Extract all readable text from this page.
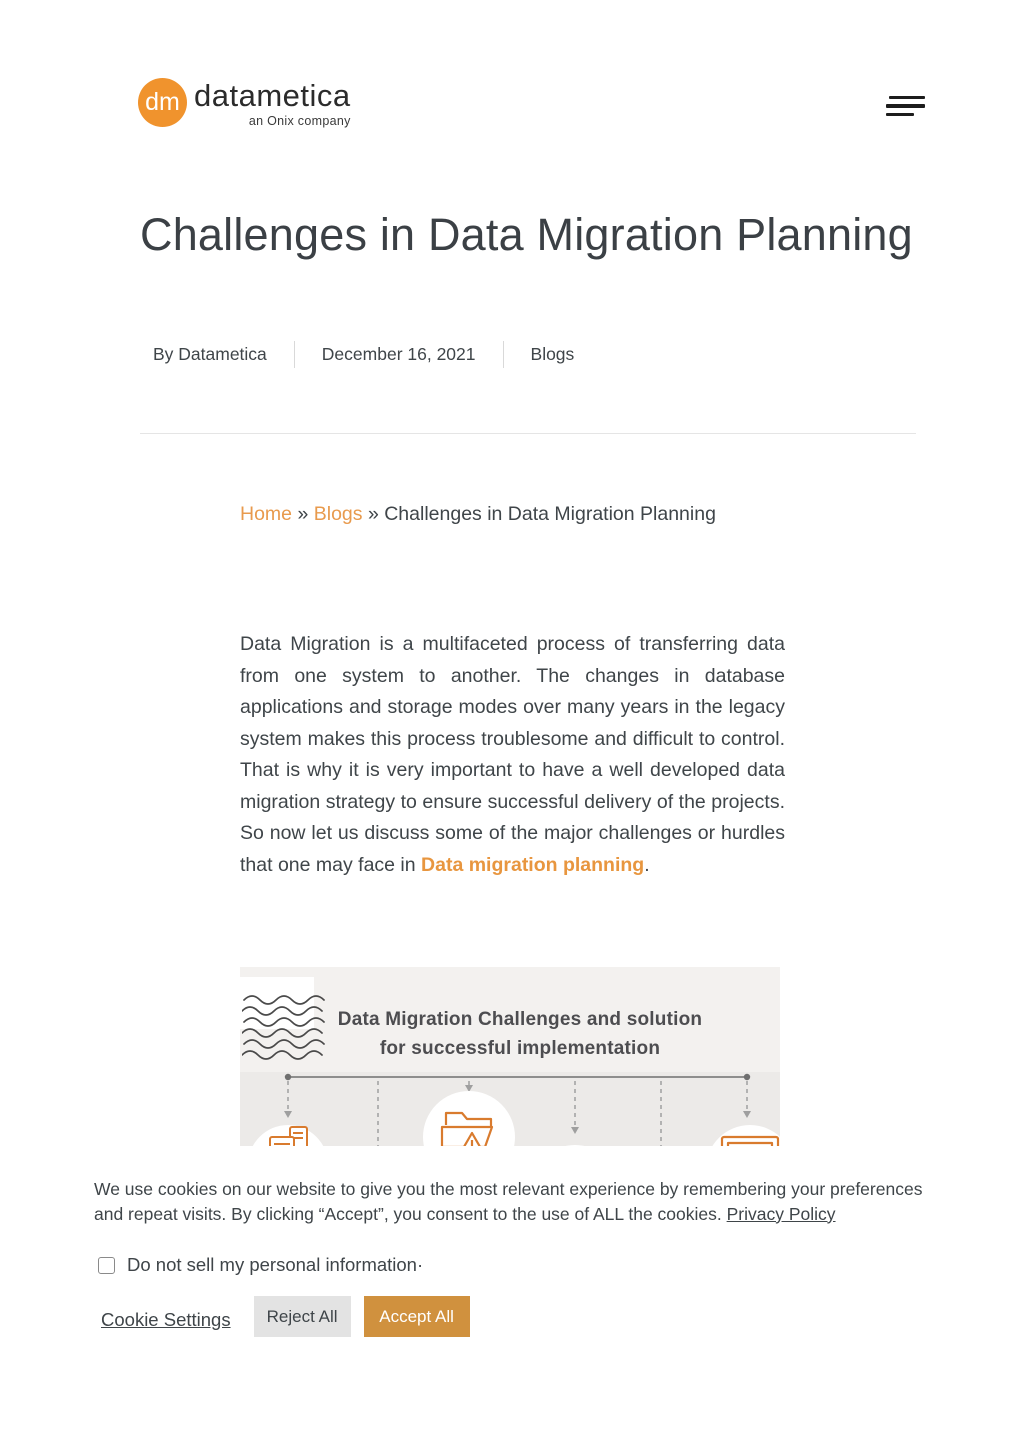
dm datametica
an Onix company
Challenges in Data Migration Planning
By Datametica	December 16, 2021	Blogs
Home » Blogs » Challenges in Data Migration Planning

Data Migration is a multifaceted process of transferring data from one system to another. The changes in database applications and storage modes over many years in the legacy system makes this process troublesome and difficult to control. That is why it is very important to have a well developed data migration strategy to ensure successful delivery of the projects. So now let us discuss some of the major challenges or hurdles that one may face in Data migration planning.

Data Migration Challenges and solution
for successful implementation

We use cookies on our website to give you the most relevant experience by remembering your preferences and repeat visits. By clicking “Accept”, you consent to the use of ALL the cookies. Privacy Policy

Do not sell my personal information·
Cookie Settings	Reject All	Accept All
